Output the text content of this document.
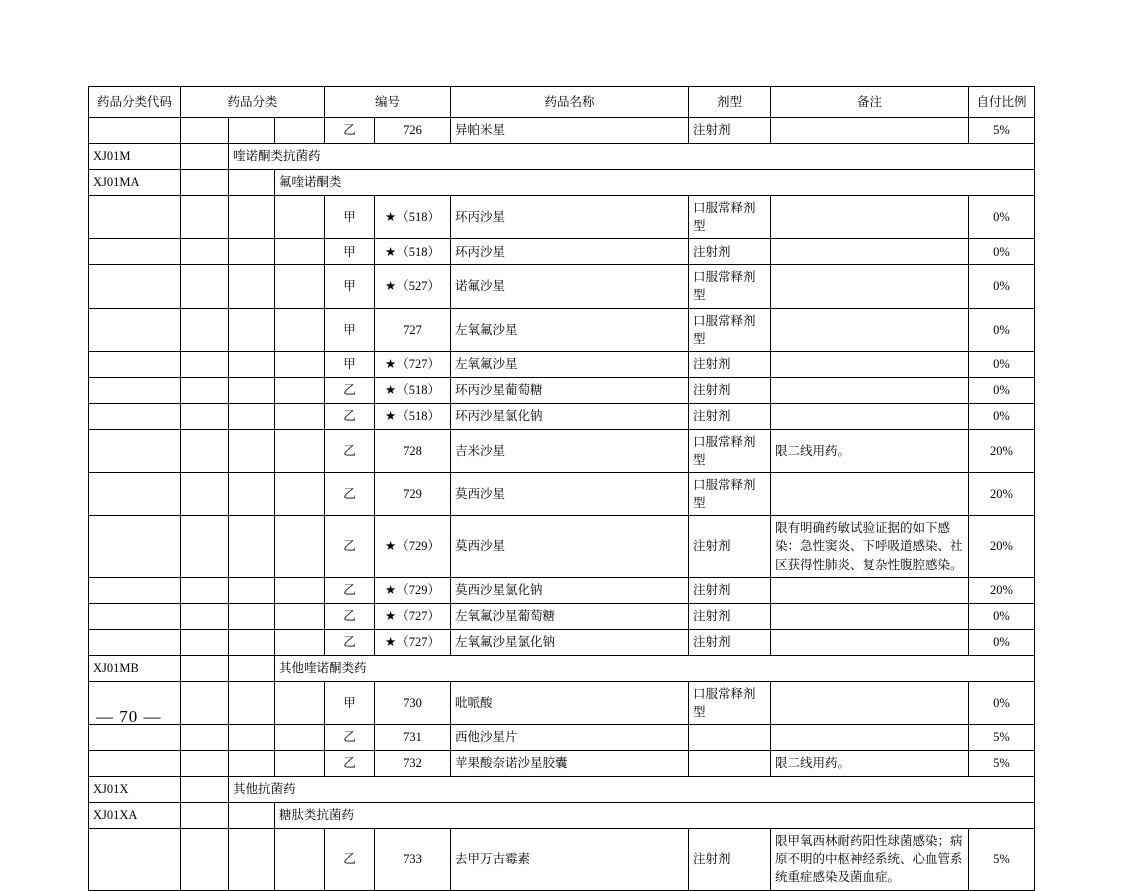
药品分类代码	药品分类			编号		药品名称	剂型	备注	自付比例
				乙	726	异帕米星	注射剂		5%
XJ01M		喹诺酮类抗菌药							
XJ01MA			氟喹诺酮类						
				甲	★（518）	环丙沙星	口服常释剂型		0%
				甲	★（518）	环丙沙星	注射剂		0%
				甲	★（527）	诺氟沙星	口服常释剂型		0%
				甲	727	左氧氟沙星	口服常释剂型		0%
				甲	★（727）	左氧氟沙星	注射剂		0%
				乙	★（518）	环丙沙星葡萄糖	注射剂		0%
				乙	★（518）	环丙沙星氯化钠	注射剂		0%
				乙	728	吉米沙星	口服常释剂型	限二线用药。	20%
				乙	729	莫西沙星	口服常释剂型		20%
				乙	★（729）	莫西沙星	注射剂	限有明确药敏试验证据的如下感染：急性窦炎、下呼吸道感染、社区获得性肺炎、复杂性腹腔感染。	20%
				乙	★（729）	莫西沙星氯化钠	注射剂		20%
				乙	★（727）	左氧氟沙星葡萄糖	注射剂		0%
				乙	★（727）	左氧氟沙星氯化钠	注射剂		0%
XJ01MB			其他喹诺酮类药						
				甲	730	吡哌酸	口服常释剂型		0%
				乙	731	西他沙星片			5%
				乙	732	苹果酸奈诺沙星胶囊		限二线用药。	5%
XJ01X		其他抗菌药							
XJ01XA			糖肽类抗菌药						
				乙	733	去甲万古霉素	注射剂	限甲氧西林耐药阳性球菌感染；病原不明的中枢神经系统、心血管系统重症感染及菌血症。	5%
— 70 —
